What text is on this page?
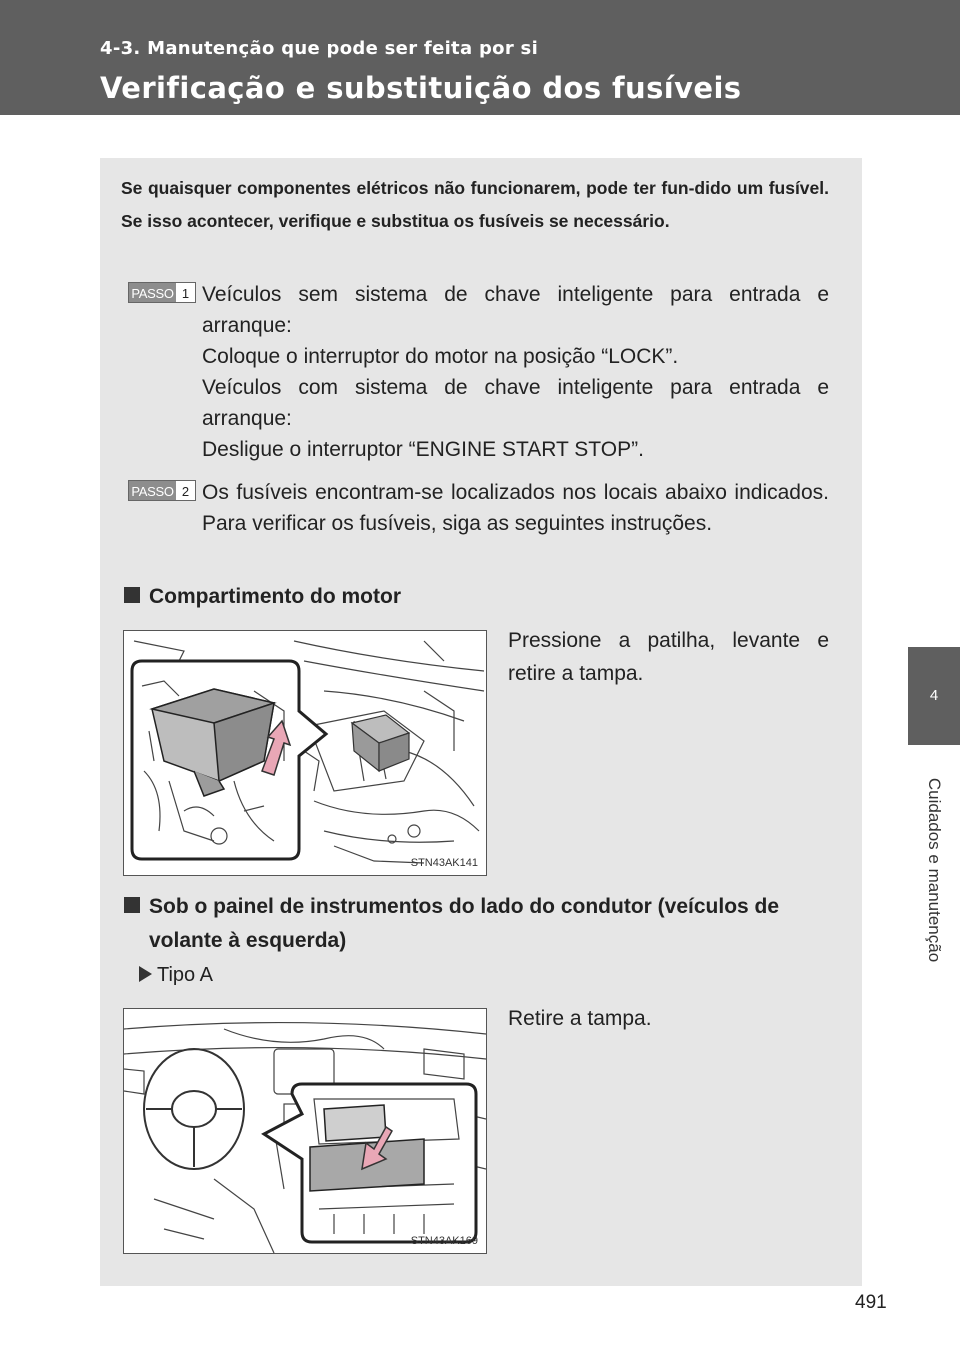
4-3. Manutenção que pode ser feita por si
Verificação e substituição dos fusíveis
4
Cuidados e manutenção
Se quaisquer componentes elétricos não funcionarem, pode ter fun-dido um fusível. Se isso acontecer, verifique e substitua os fusíveis se necessário.
PASSO 1 Veículos sem sistema de chave inteligente para entrada e arranque:

Coloque o interruptor do motor na posição “LOCK”.

Veículos com sistema de chave inteligente para entrada e arranque:

Desligue o interruptor “ENGINE START STOP”.

PASSO 2 Os fusíveis encontram-se localizados nos locais abaixo indicados. Para verificar os fusíveis, siga as seguintes instruções.

Compartimento do motor
STN43AK141
Pressione a patilha, levante e retire a tampa.
Sob o painel de instrumentos do lado do condutor (veículos de volante à esquerda)
Tipo A
STN43AK169
Retire a tampa.
491
